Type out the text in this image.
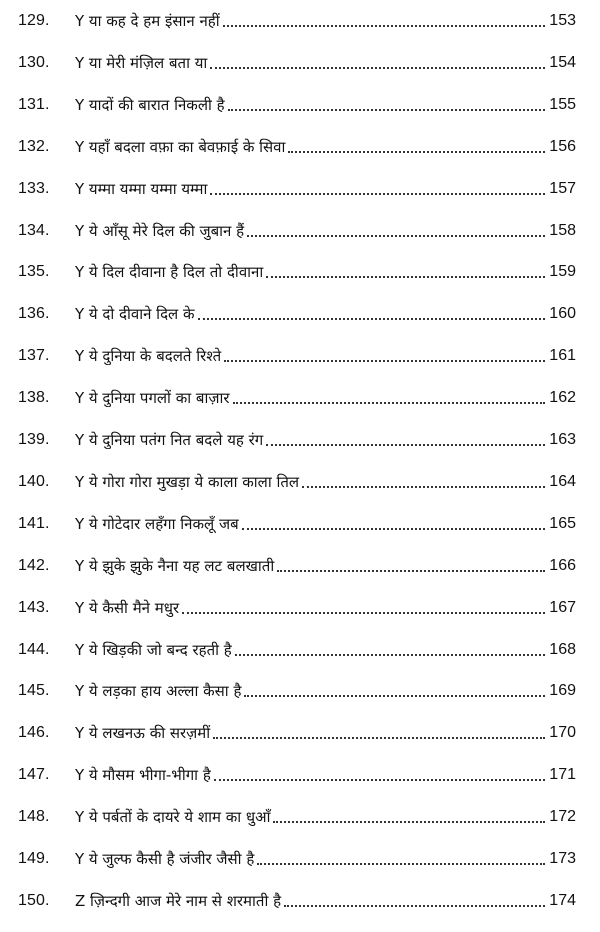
129.	Y या कह दे हम इंसान नहीं	153
130.	Y या मेरी मंज़िल बता या	154
131.	Y यादों की बारात निकली है	155
132.	Y यहाँ बदला वफ़ा का बेवफ़ाई के सिवा	156
133.	Y यम्मा यम्मा यम्मा यम्मा	157
134.	Y ये आँसू मेरे दिल की जुबान हैं	158
135.	Y ये दिल दीवाना है दिल तो दीवाना	159
136.	Y ये दो दीवाने दिल के	160
137.	Y ये दुनिया के बदलते रिश्ते	161
138.	Y ये दुनिया पगलों का बाज़ार	162
139.	Y ये दुनिया पतंग नित बदले यह रंग	163
140.	Y ये गोरा गोरा मुखड़ा ये काला काला तिल	164
141.	Y ये गोटेदार लहँगा निकलूँ जब	165
142.	Y ये झुके झुके नैना यह लट बलखाती	166
143.	Y ये कैसी मैने मधुर	167
144.	Y ये खिड़की जो बन्द रहती है	168
145.	Y ये लड़का हाय अल्ला कैसा है	169
146.	Y ये लखनऊ की सरज़मीं	170
147.	Y ये मौसम भीगा-भीगा है	171
148.	Y ये पर्बतों के दायरे ये शाम का धुआँ	172
149.	Y ये जुल्फ कैसी है जंजीर जैसी है	173
150.	Z ज़िन्दगी आज मेरे नाम से शरमाती है	174
